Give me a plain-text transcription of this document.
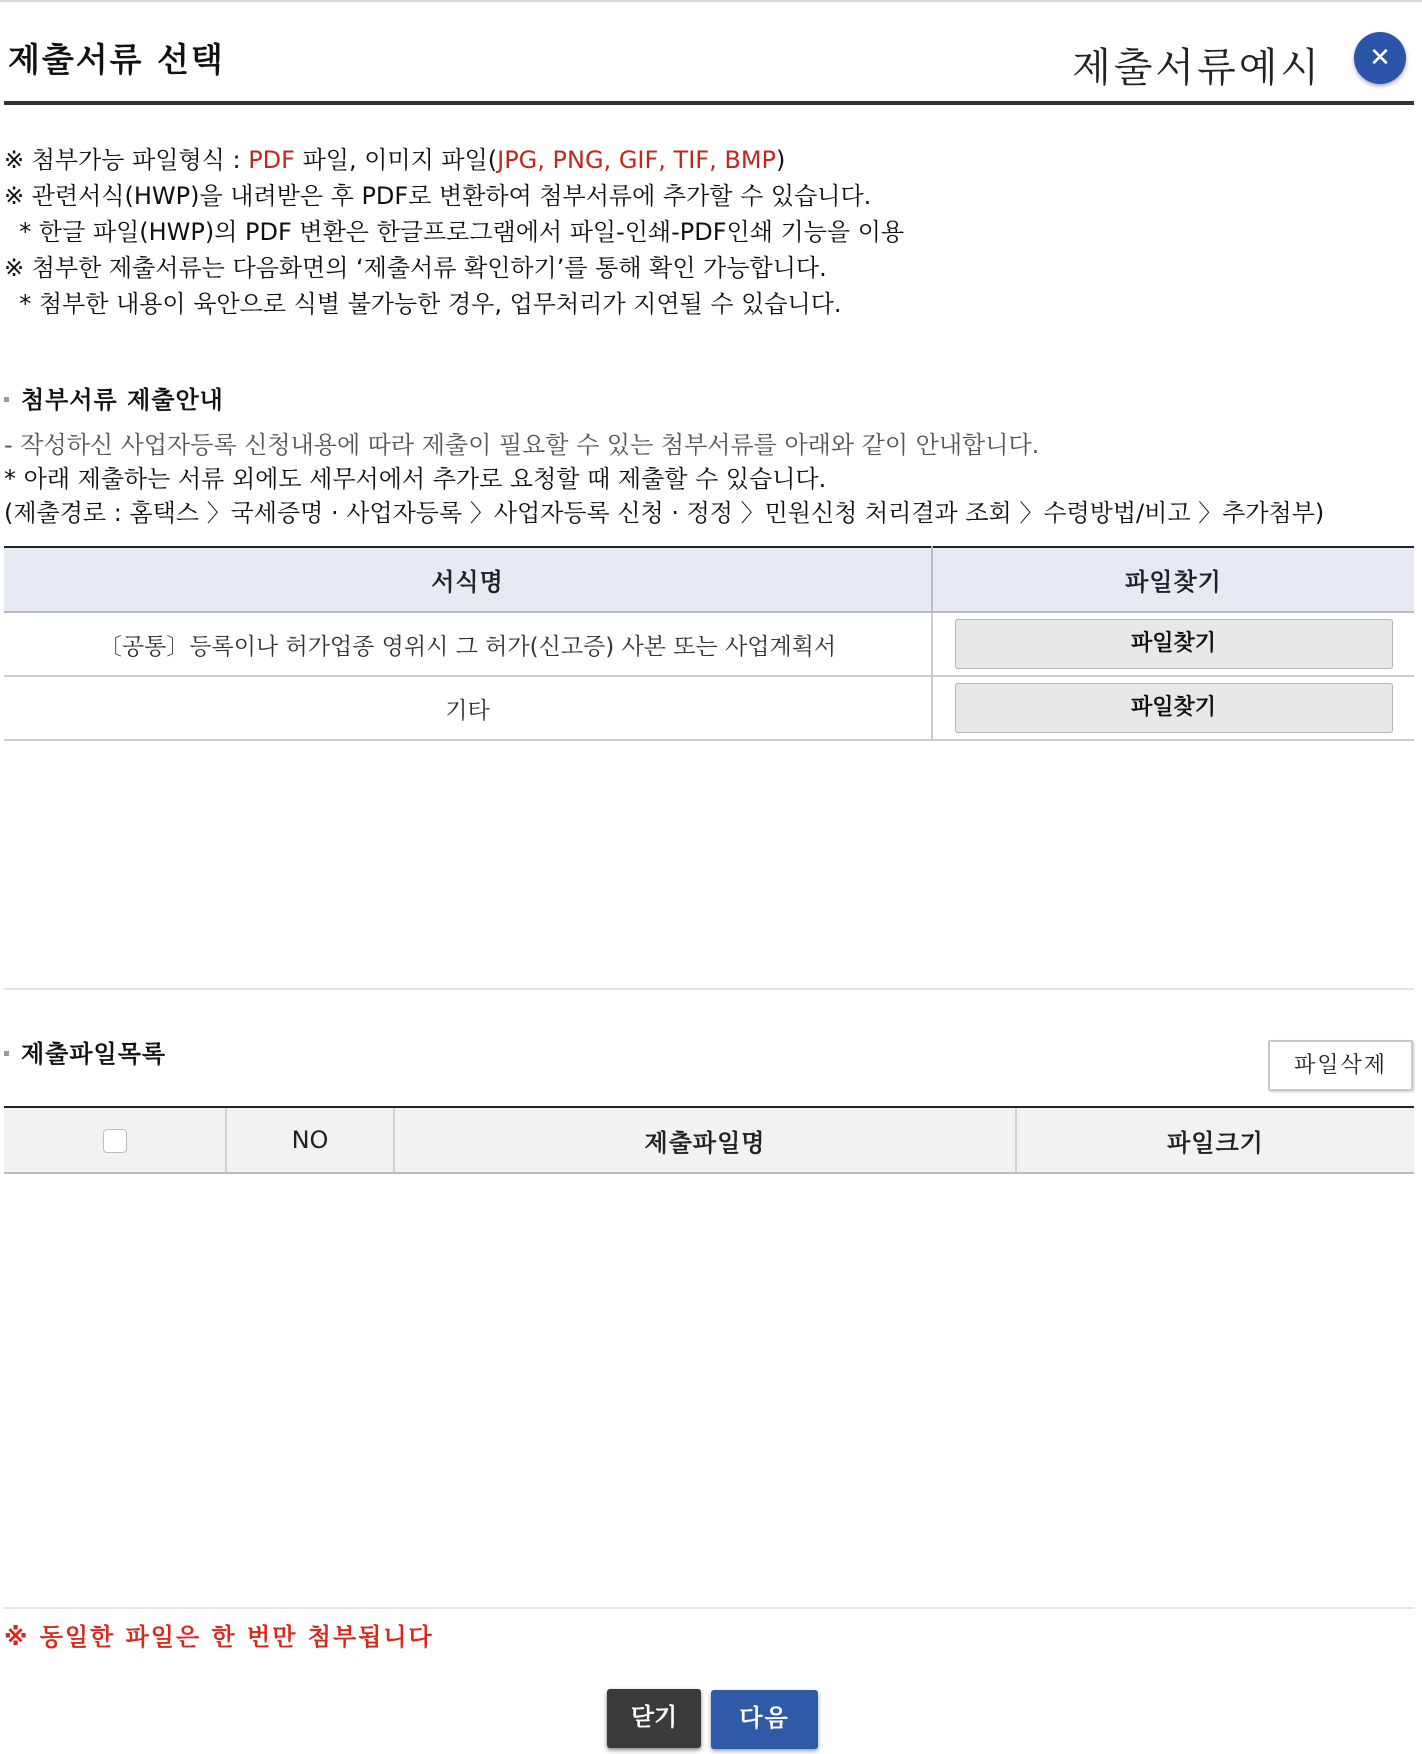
제출서류 선택	제출서류예시	✕
※ 첨부가능 파일형식 : PDF 파일, 이미지 파일(JPG, PNG, GIF, TIF, BMP)
※ 관련서식(HWP)을 내려받은 후 PDF로 변환하여 첨부서류에 추가할 수 있습니다.
* 한글 파일(HWP)의 PDF 변환은 한글프로그램에서 파일-인쇄-PDF인쇄 기능을 이용
※ 첨부한 제출서류는 다음화면의 ‘제출서류 확인하기’를 통해 확인 가능합니다.
* 첨부한 내용이 육안으로 식별 불가능한 경우, 업무처리가 지연될 수 있습니다.
첨부서류 제출안내
- 작성하신 사업자등록 신청내용에 따라 제출이 필요할 수 있는 첨부서류를 아래와 같이 안내합니다.
* 아래 제출하는 서류 외에도 세무서에서 추가로 요청할 때 제출할 수 있습니다.
(제출경로 : 홈택스 〉국세증명 · 사업자등록 〉사업자등록 신청 · 정정 〉민원신청 처리결과 조회 〉수령방법/비고 〉추가첨부)
서식명	파일찾기
〔공통〕등록이나 허가업종 영위시 그 허가(신고증) 사본 또는 사업계획서	파일찾기
기타	파일찾기
제출파일목록	파일삭제
	NO	제출파일명	파일크기
※ 동일한 파일은 한 번만 첨부됩니다
닫기	다음
